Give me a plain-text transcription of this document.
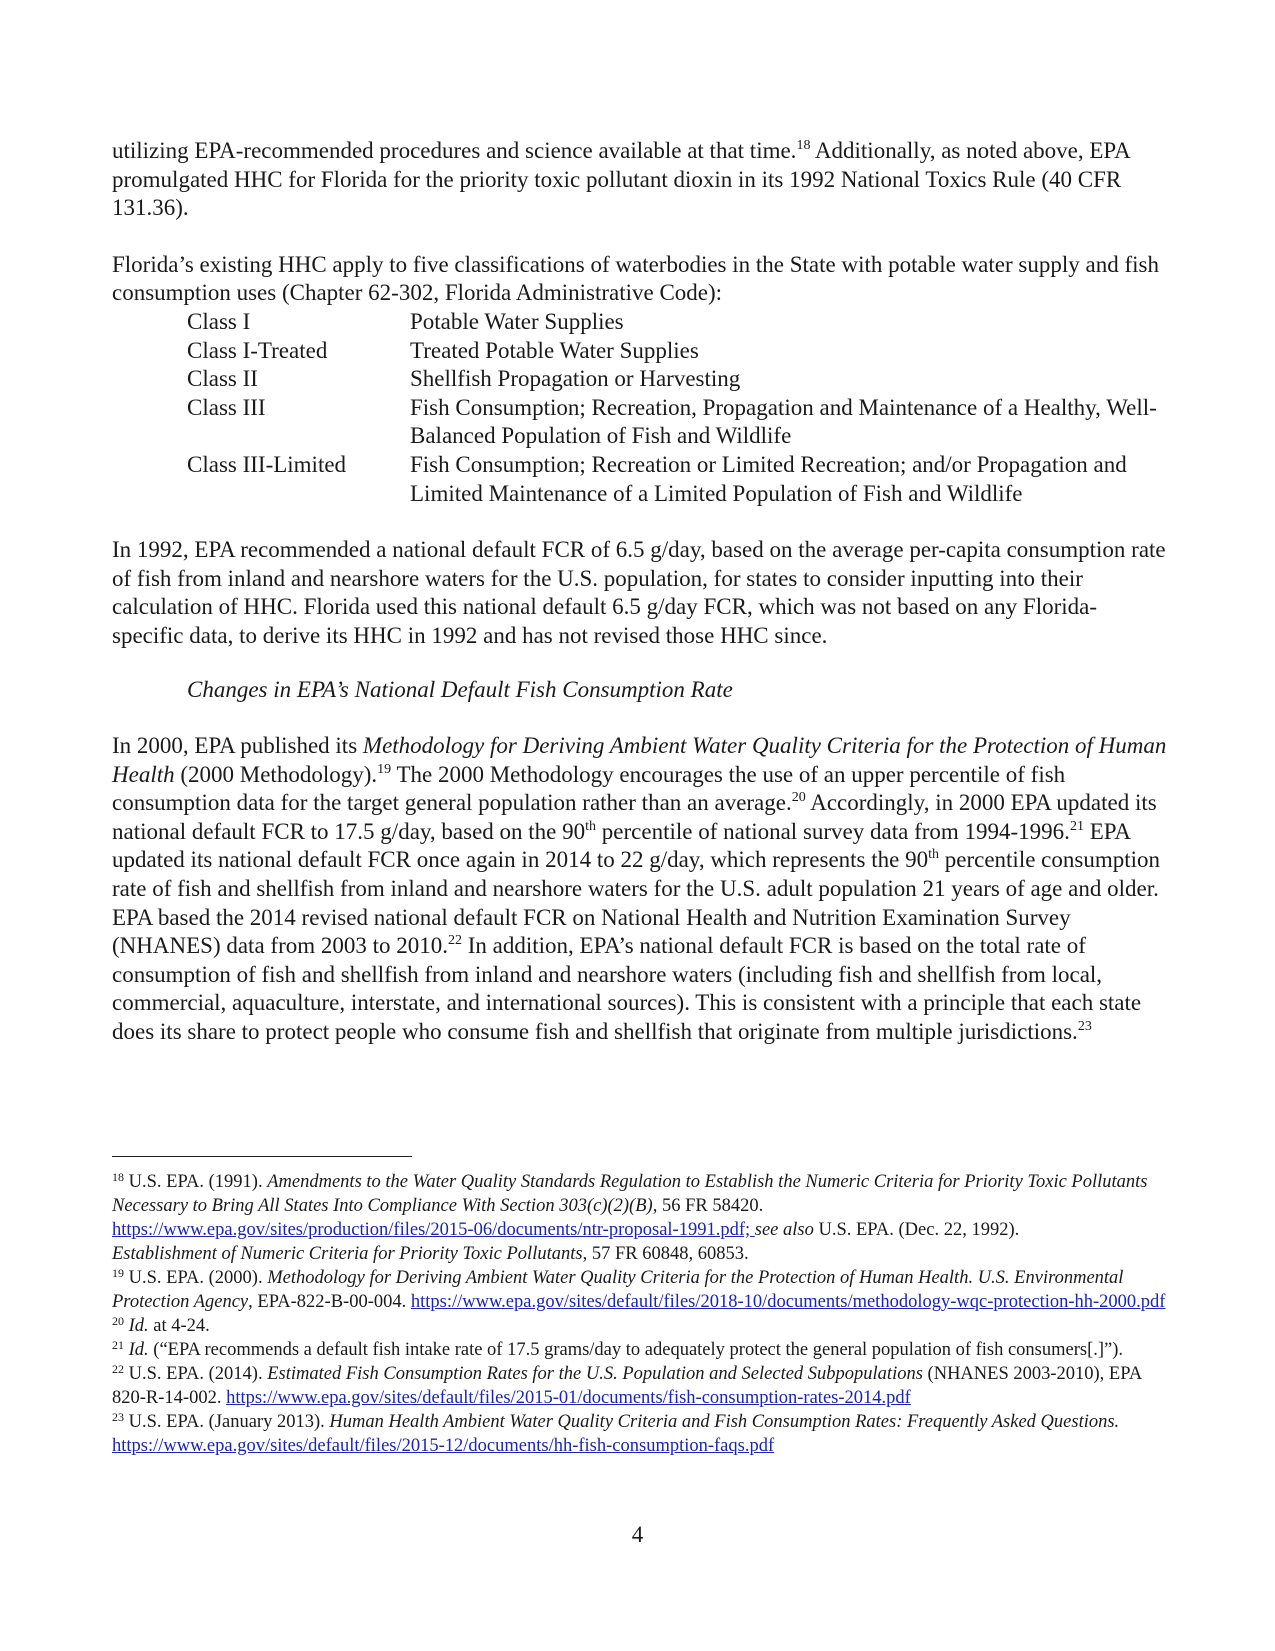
utilizing EPA-recommended procedures and science available at that time.$^{18}$ Additionally, as noted above, EPA promulgated HHC for Florida for the priority toxic pollutant dioxin in its 1992 National Toxics Rule (40 CFR 131.36).

Florida’s existing HHC apply to five classifications of waterbodies in the State with potable water supply and fish consumption uses (Chapter 62-302, Florida Administrative Code):

Class I	Potable Water Supplies
Class I-Treated	Treated Potable Water Supplies
Class II	Shellfish Propagation or Harvesting
Class III	Fish Consumption; Recreation, Propagation and Maintenance of a Healthy, Well-Balanced Population of Fish and Wildlife
Class III-Limited	Fish Consumption; Recreation or Limited Recreation; and/or Propagation and Limited Maintenance of a Limited Population of Fish and Wildlife

In 1992, EPA recommended a national default FCR of 6.5 g/day, based on the average per-capita consumption rate of fish from inland and nearshore waters for the U.S. population, for states to consider inputting into their calculation of HHC. Florida used this national default 6.5 g/day FCR, which was not based on any Florida-specific data, to derive its HHC in 1992 and has not revised those HHC since.

Changes in EPA’s National Default Fish Consumption Rate

In 2000, EPA published its Methodology for Deriving Ambient Water Quality Criteria for the Protection of Human Health (2000 Methodology).$^{19}$ The 2000 Methodology encourages the use of an upper percentile of fish consumption data for the target general population rather than an average.$^{20}$ Accordingly, in 2000 EPA updated its national default FCR to 17.5 g/day, based on the 90th percentile of national survey data from 1994-1996.21 EPA updated its national default FCR once again in 2014 to 22 g/day, which represents the 90th percentile consumption rate of fish and shellfish from inland and nearshore waters for the U.S. adult population 21 years of age and older. EPA based the 2014 revised national default FCR on National Health and Nutrition Examination Survey (NHANES) data from 2003 to 2010.22 In addition, EPA’s national default FCR is based on the total rate of consumption of fish and shellfish from inland and nearshore waters (including fish and shellfish from local, commercial, aquaculture, interstate, and international sources). This is consistent with a principle that each state does its share to protect people who consume fish and shellfish that originate from multiple jurisdictions.$^{23}$

$^{18}$ U.S. EPA. (1991). Amendments to the Water Quality Standards Regulation to Establish the Numeric Criteria for Priority Toxic Pollutants Necessary to Bring All States Into Compliance With Section 303(c)(2)(B), 56 FR 58420.
https://www.epa.gov/sites/production/files/2015-06/documents/ntr-proposal-1991.pdf; see also U.S. EPA. (Dec. 22, 1992).
Establishment of Numeric Criteria for Priority Toxic Pollutants, 57 FR 60848, 60853.

$^{19}$ U.S. EPA. (2000). Methodology for Deriving Ambient Water Quality Criteria for the Protection of Human Health. U.S. Environmental Protection Agency, EPA-822-B-00-004. https://www.epa.gov/sites/default/files/2018-10/documents/methodology-wqc-protection-hh-2000.pdf

$^{20}$ Id. at 4-24.

$^{21}$ Id. (“EPA recommends a default fish intake rate of 17.5 grams/day to adequately protect the general population of fish consumers[.]”).

$^{22}$ U.S. EPA. (2014). Estimated Fish Consumption Rates for the U.S. Population and Selected Subpopulations (NHANES 2003-2010), EPA 820-R-14-002. https://www.epa.gov/sites/default/files/2015-01/documents/fish-consumption-rates-2014.pdf

$^{23}$ U.S. EPA. (January 2013). Human Health Ambient Water Quality Criteria and Fish Consumption Rates: Frequently Asked Questions. https://www.epa.gov/sites/default/files/2015-12/documents/hh-fish-consumption-faqs.pdf

4
